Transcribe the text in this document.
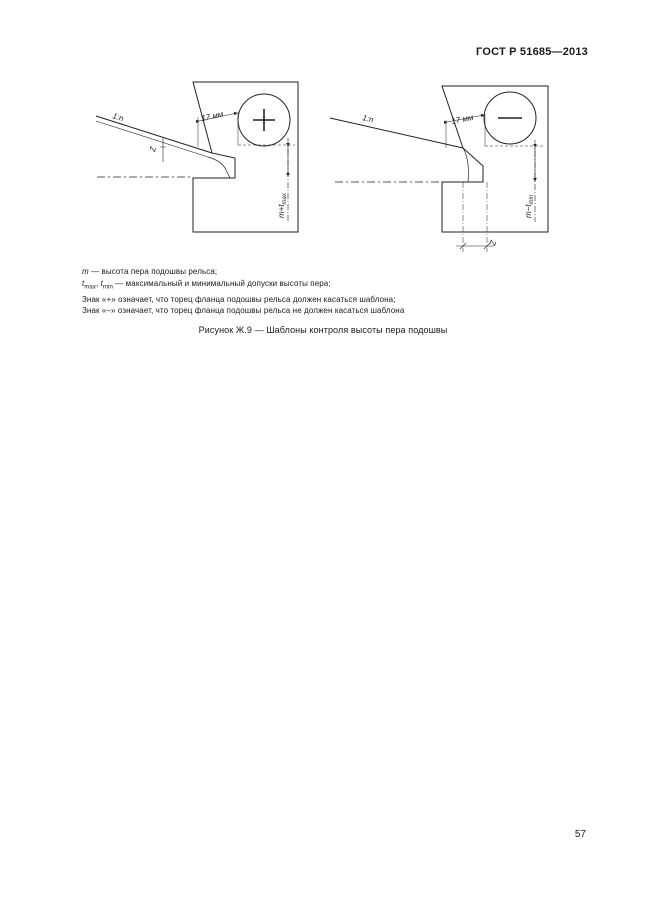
ГОСТ Р 51685—2013
1:n	17 мм
Z
$m+t_{max}$
1:n	17 мм
Z
$m-t_{min}$
m — высота пера подошвы рельса;
$t_{max}$, $t_{min}$ — максимальный и минимальный допуски высоты пера;
Знак «+» означает, что торец фланца подошвы рельса должен касаться шаблона;
Знак «–» означает, что торец фланца подошвы рельса не должен касаться шаблона
Рисунок Ж.9 — Шаблоны контроля высоты пера подошвы
57
